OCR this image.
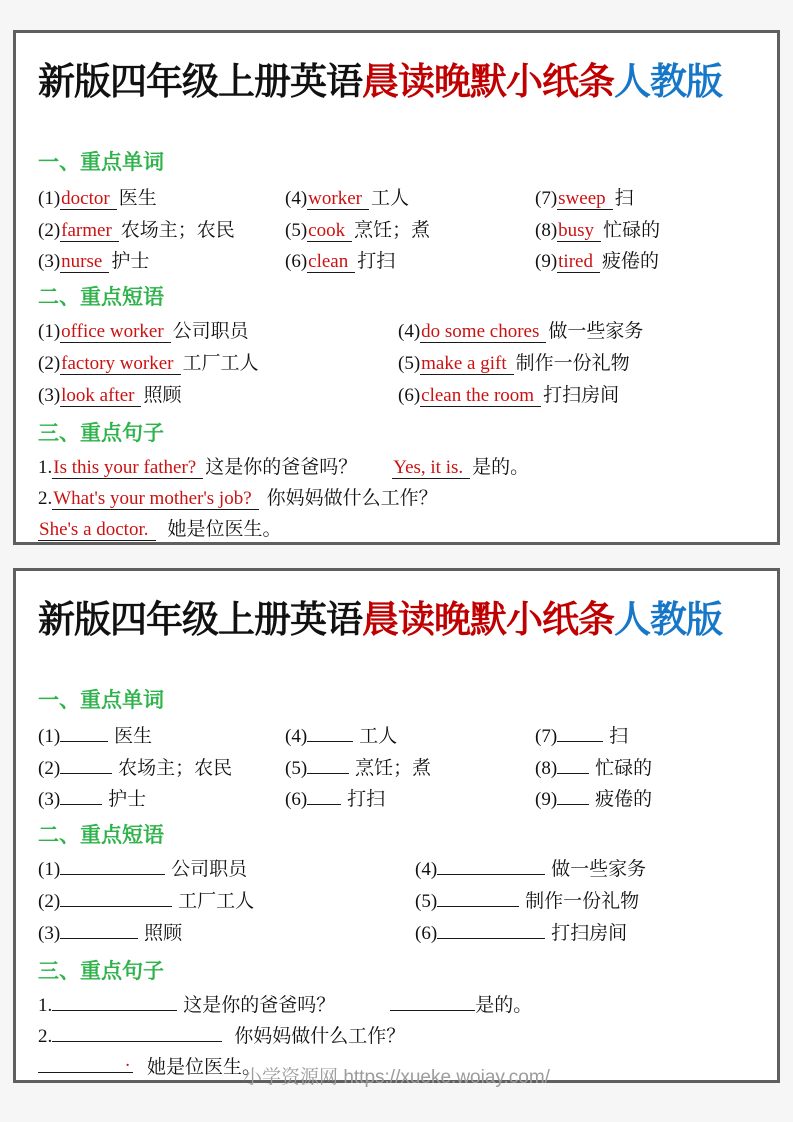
新版四年级上册英语晨读晚默小纸条人教版
一、重点单词
(1)doctor 医生	(4)worker 工人	(7)sweep 扫
(2)farmer 农场主；农民	(5)cook 烹饪；煮	(8)busy 忙碌的
(3)nurse 护士	(6)clean 打扫	(9)tired 疲倦的
二、重点短语
(1)office worker 公司职员	(4)do some chores 做一些家务
(2)factory worker 工厂工人	(5)make a gift 制作一份礼物
(3)look after 照顾	(6)clean the room 打扫房间
三、重点句子
1.Is this your father? 这是你的爸爸吗？ Yes, it is. 是的。
2.What's your mother's job? 你妈妈做什么工作？
She's a doctor. 她是位医生。
新版四年级上册英语晨读晚默小纸条人教版
一、重点单词
(1)	医生	(4)	工人	(7)	扫
(2)	农场主；农民	(5)	烹饪；煮	(8) 忙碌的
(3)	护士	(6) 打扫	(9) 疲倦的
二、重点短语
(1)	公司职员	(4)	做一些家务
(2)	工厂工人	(5)	制作一份礼物
(3)	照顾	(6)	打扫房间
三、重点句子
1.	这是你的爸爸吗？	是的。
2.	你妈妈做什么工作？
. 她是位医生。
小学资源网 https://xueke.woiay.com/
